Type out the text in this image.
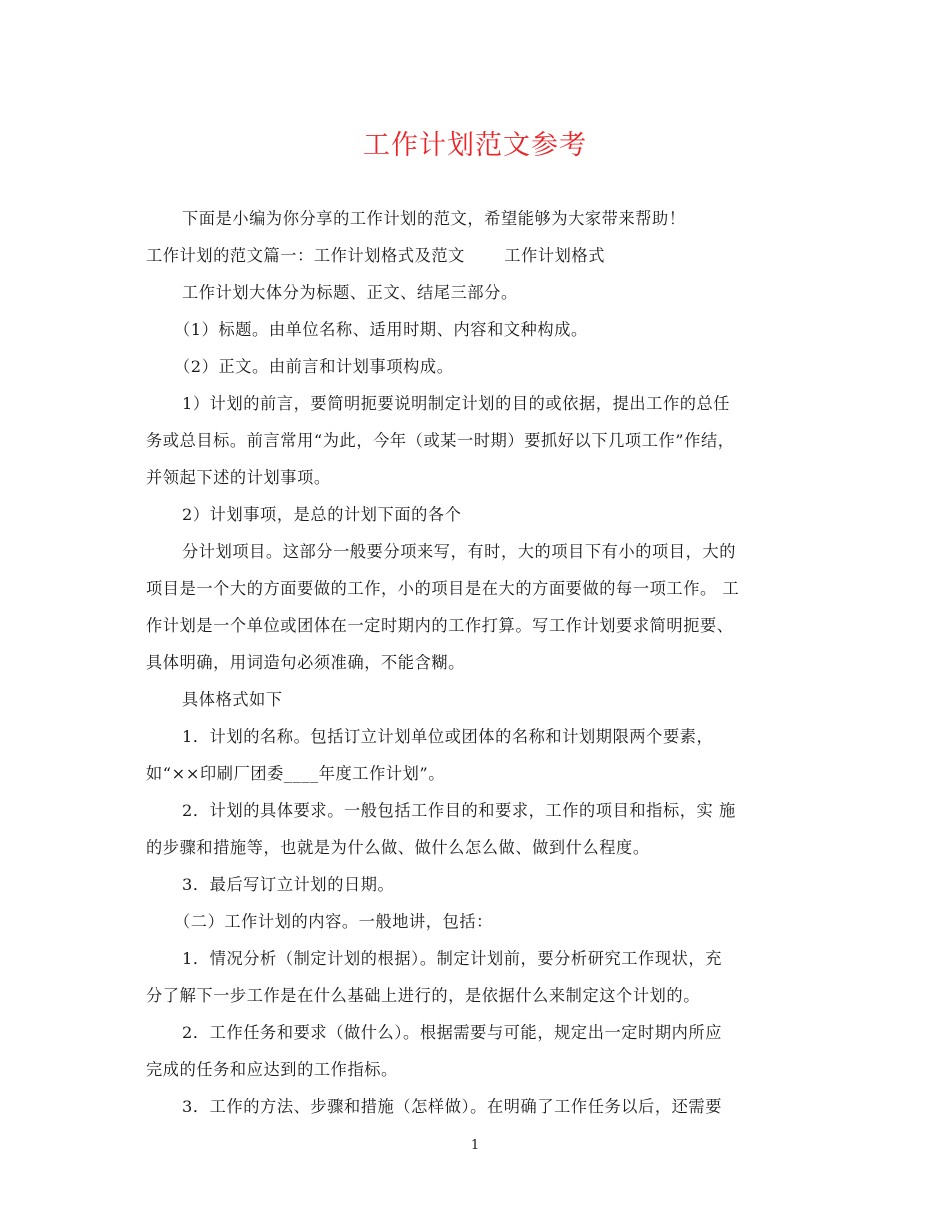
工作计划范文参考

下面是小编为你分享的工作计划的范文，希望能够为大家带来帮助！

工作计划的范文篇一：工作计划格式及范文　　 工作计划格式

工作计划大体分为标题、正文、结尾三部分。

（1）标题。由单位名称、适用时期、内容和文种构成。

（2）正文。由前言和计划事项构成。

1）计划的前言，要简明扼要说明制定计划的目的或依据，提出工作的总任

务或总目标。前言常用“为此，今年（或某一时期）要抓好以下几项工作”作结，

并领起下述的计划事项。

2）计划事项，是总的计划下面的各个

分计划项目。这部分一般要分项来写，有时，大的项目下有小的项目，大的

项目是一个大的方面要做的工作，小的项目是在大的方面要做的每一项工作。 工

作计划是一个单位或团体在一定时期内的工作打算。写工作计划要求简明扼要、

具体明确，用词造句必须准确，不能含糊。

具体格式如下

1．计划的名称。包括订立计划单位或团体的名称和计划期限两个要素，

如“××印刷厂团委____年度工作计划”。

2．计划的具体要求。一般包括工作目的和要求，工作的项目和指标，实 施

的步骤和措施等，也就是为什么做、做什么怎么做、做到什么程度。

3．最后写订立计划的日期。

（二）工作计划的内容。一般地讲，包括：

1．情况分析（制定计划的根据）。制定计划前，要分析研究工作现状，充

分了解下一步工作是在什么基础上进行的，是依据什么来制定这个计划的。

2．工作任务和要求（做什么）。根据需要与可能，规定出一定时期内所应

完成的任务和应达到的工作指标。

3．工作的方法、步骤和措施（怎样做）。在明确了工作任务以后，还需要

1
